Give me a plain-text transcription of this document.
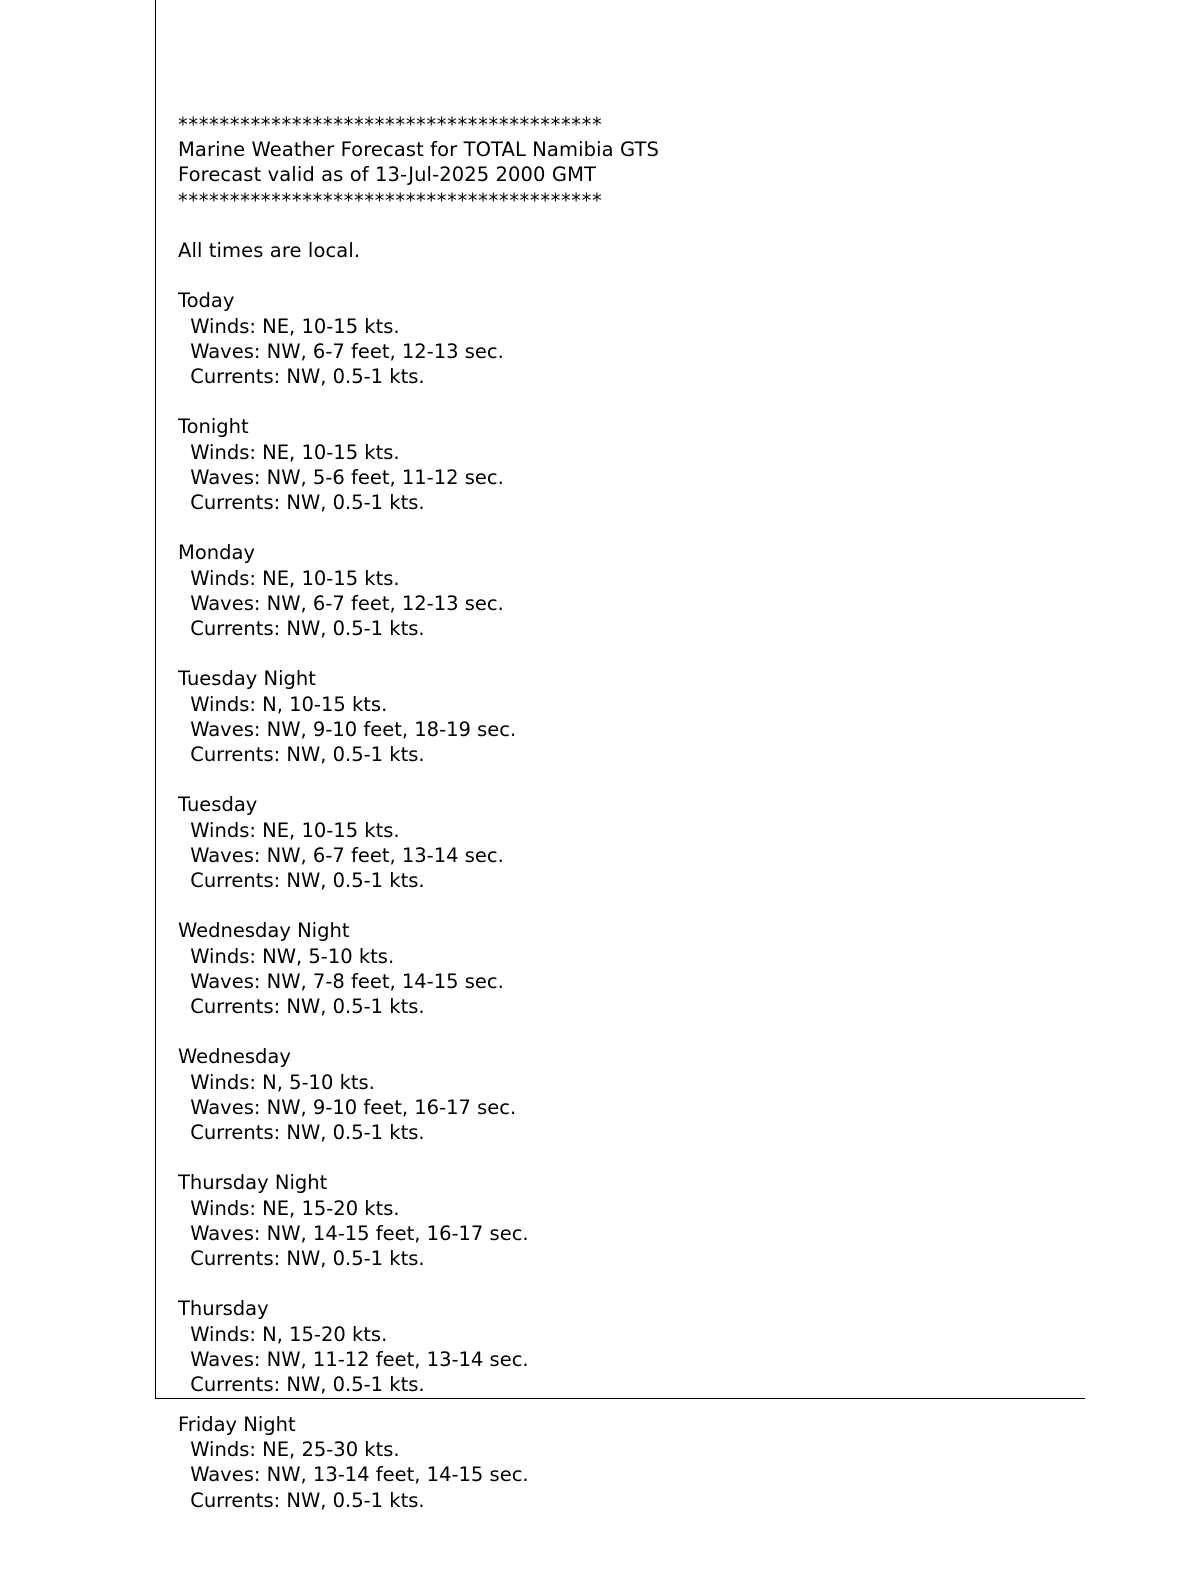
*****************************************
Marine Weather Forecast for TOTAL Namibia GTS
Forecast valid as of 13-Jul-2025 2000 GMT
*****************************************
All times are local.
Today
Winds: NE, 10-15 kts.
Waves: NW, 6-7 feet, 12-13 sec.
Currents: NW, 0.5-1 kts.
Tonight
Winds: NE, 10-15 kts.
Waves: NW, 5-6 feet, 11-12 sec.
Currents: NW, 0.5-1 kts.
Monday
Winds: NE, 10-15 kts.
Waves: NW, 6-7 feet, 12-13 sec.
Currents: NW, 0.5-1 kts.
Tuesday Night
Winds: N, 10-15 kts.
Waves: NW, 9-10 feet, 18-19 sec.
Currents: NW, 0.5-1 kts.
Tuesday
Winds: NE, 10-15 kts.
Waves: NW, 6-7 feet, 13-14 sec.
Currents: NW, 0.5-1 kts.
Wednesday Night
Winds: NW, 5-10 kts.
Waves: NW, 7-8 feet, 14-15 sec.
Currents: NW, 0.5-1 kts.
Wednesday
Winds: N, 5-10 kts.
Waves: NW, 9-10 feet, 16-17 sec.
Currents: NW, 0.5-1 kts.
Thursday Night
Winds: NE, 15-20 kts.
Waves: NW, 14-15 feet, 16-17 sec.
Currents: NW, 0.5-1 kts.
Thursday
Winds: N, 15-20 kts.
Waves: NW, 11-12 feet, 13-14 sec.
Currents: NW, 0.5-1 kts.
Friday Night
Winds: NE, 25-30 kts.
Waves: NW, 13-14 feet, 14-15 sec.
Currents: NW, 0.5-1 kts.
